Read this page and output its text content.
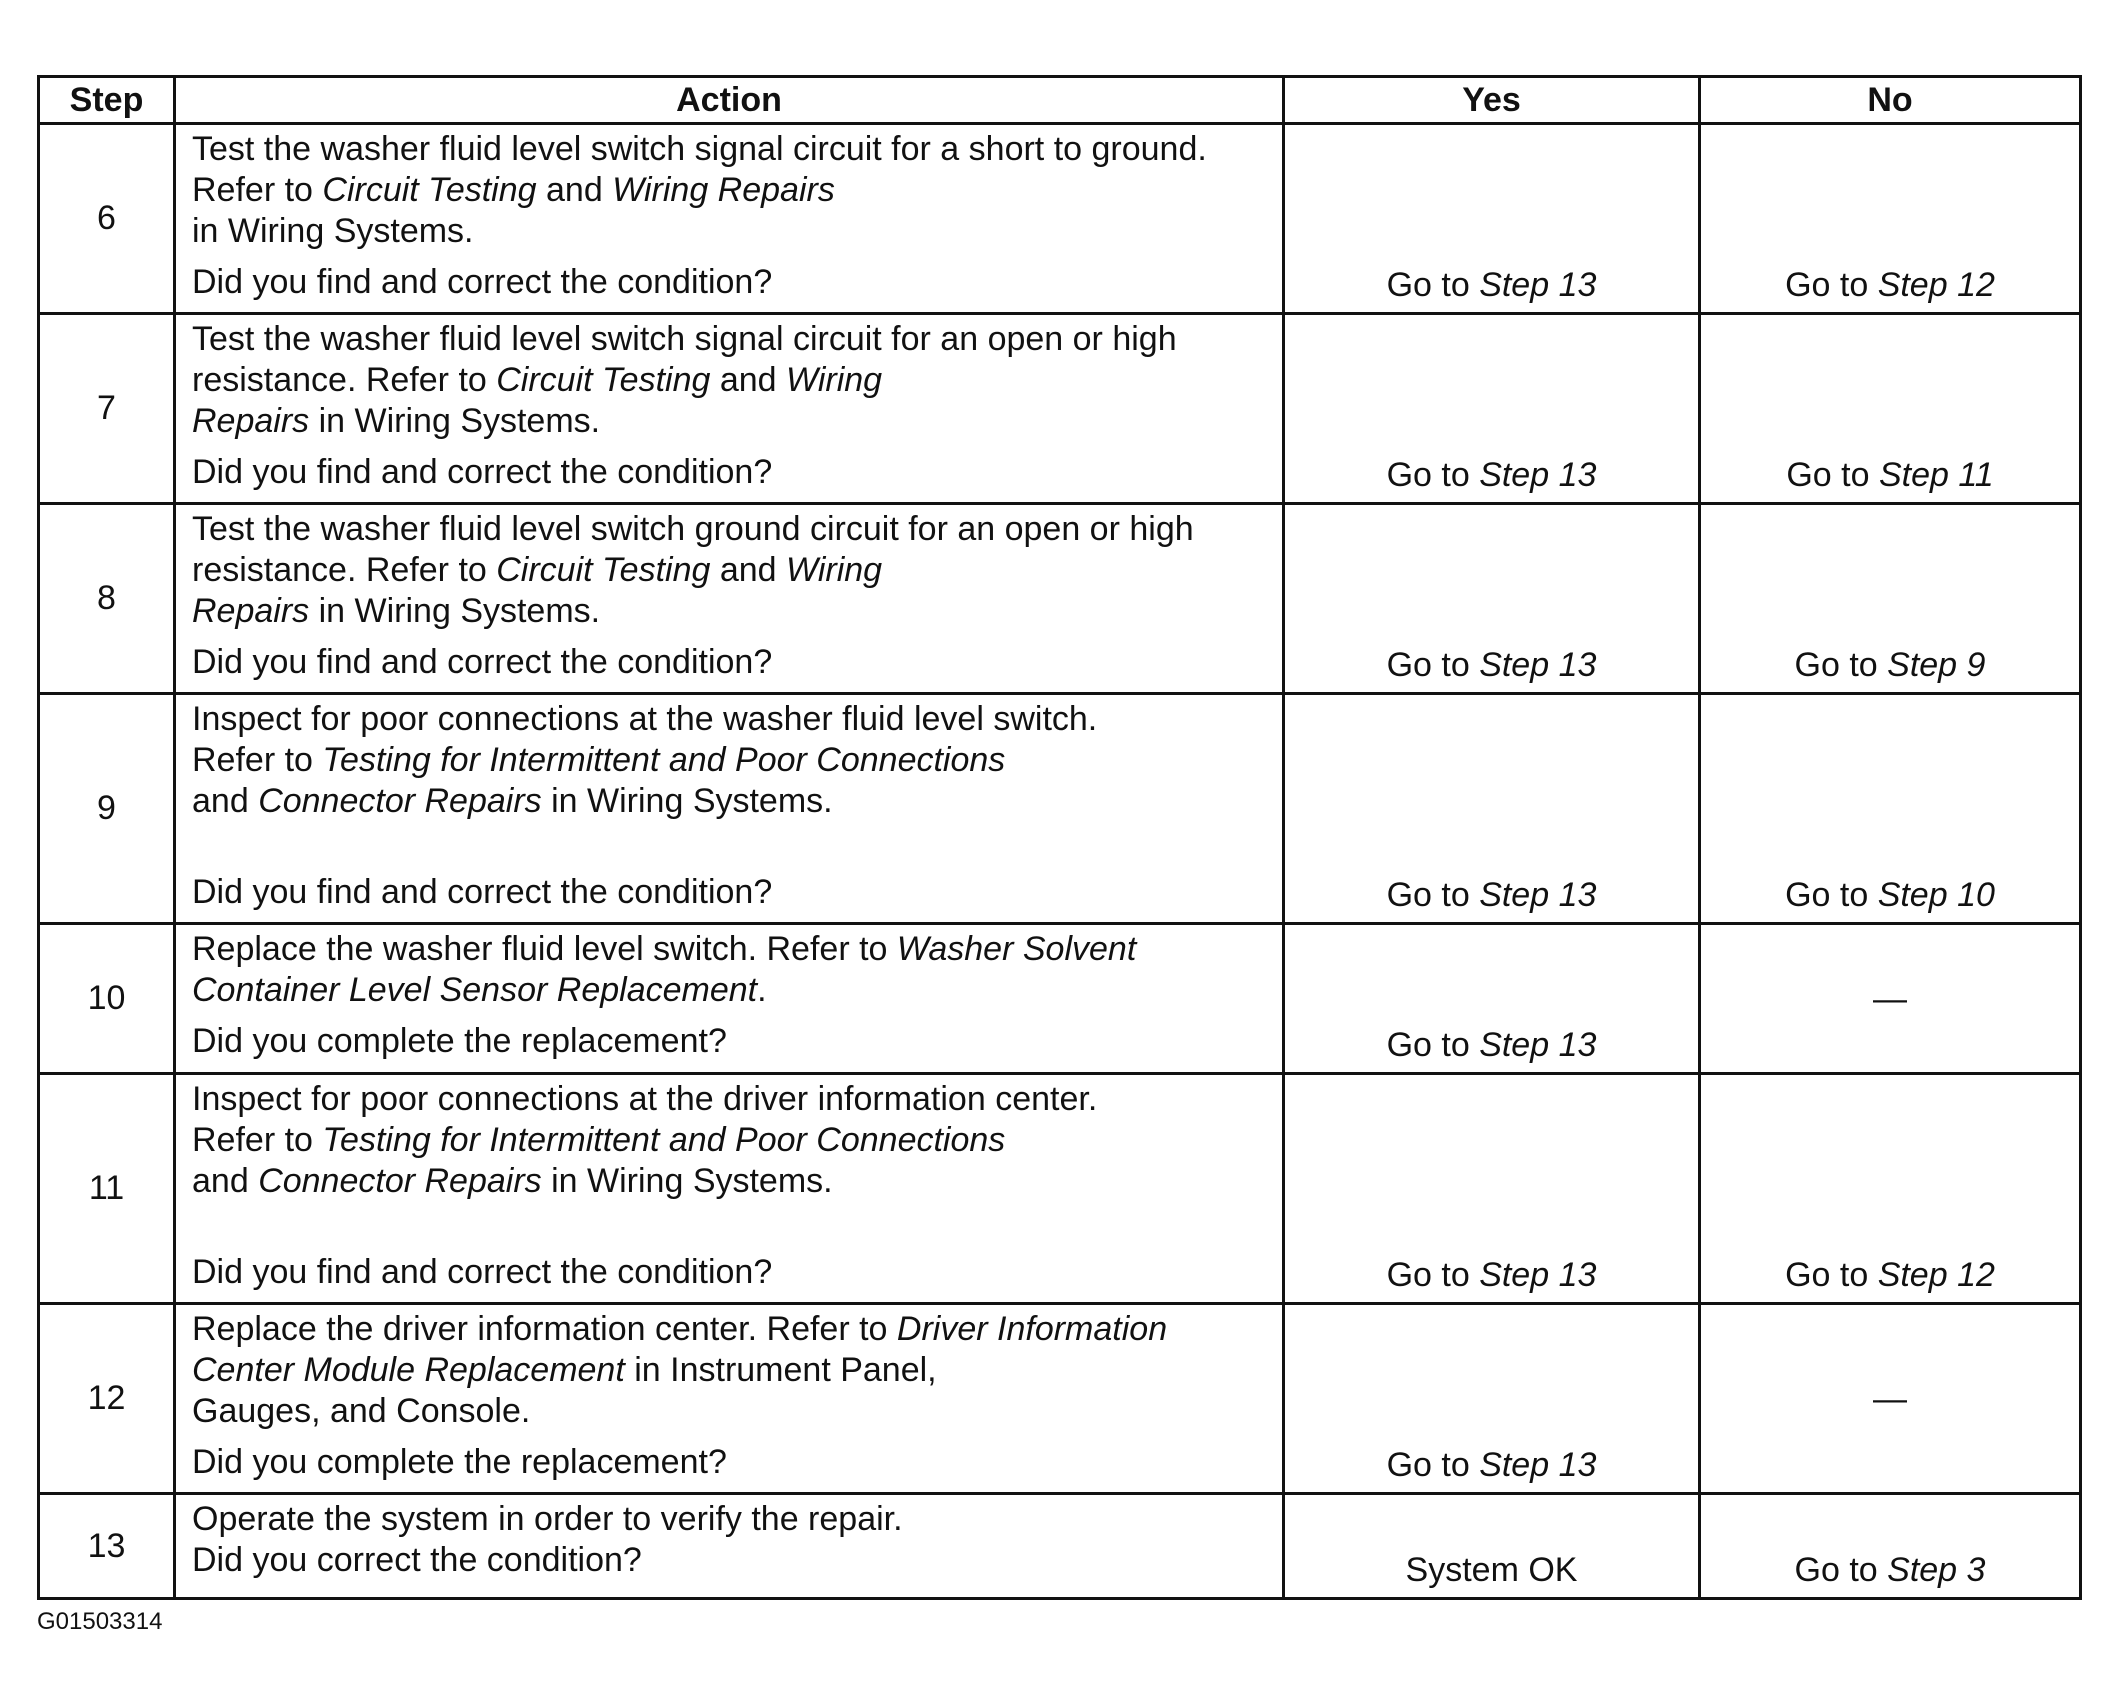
Step	Action	Yes	No
6	Test the washer fluid level switch signal circuit for a short to ground. Refer to Circuit Testing and Wiring Repairs
in Wiring Systems.

Did you find and correct the condition?	Go to Step 13	Go to Step 12
7	Test the washer fluid level switch signal circuit for an open or high resistance. Refer to Circuit Testing and Wiring
Repairs in Wiring Systems.

Did you find and correct the condition?	Go to Step 13	Go to Step 11
8	Test the washer fluid level switch ground circuit for an open or high resistance. Refer to Circuit Testing and Wiring
Repairs in Wiring Systems.

Did you find and correct the condition?	Go to Step 13	Go to Step 9
9	Inspect for poor connections at the washer fluid level switch.
Refer to Testing for Intermittent and Poor Connections
and Connector Repairs in Wiring Systems.

Did you find and correct the condition?	Go to Step 13	Go to Step 10
10	Replace the washer fluid level switch. Refer to Washer Solvent Container Level Sensor Replacement.

Did you complete the replacement?	Go to Step 13	—
11	Inspect for poor connections at the driver information center.
Refer to Testing for Intermittent and Poor Connections
and Connector Repairs in Wiring Systems.

Did you find and correct the condition?	Go to Step 13	Go to Step 12
12	Replace the driver information center. Refer to Driver Information Center Module Replacement in Instrument Panel,
Gauges, and Console.

Did you complete the replacement?	Go to Step 13	—
13	Operate the system in order to verify the repair.

Did you correct the condition?	System OK	Go to Step 3
G01503314
